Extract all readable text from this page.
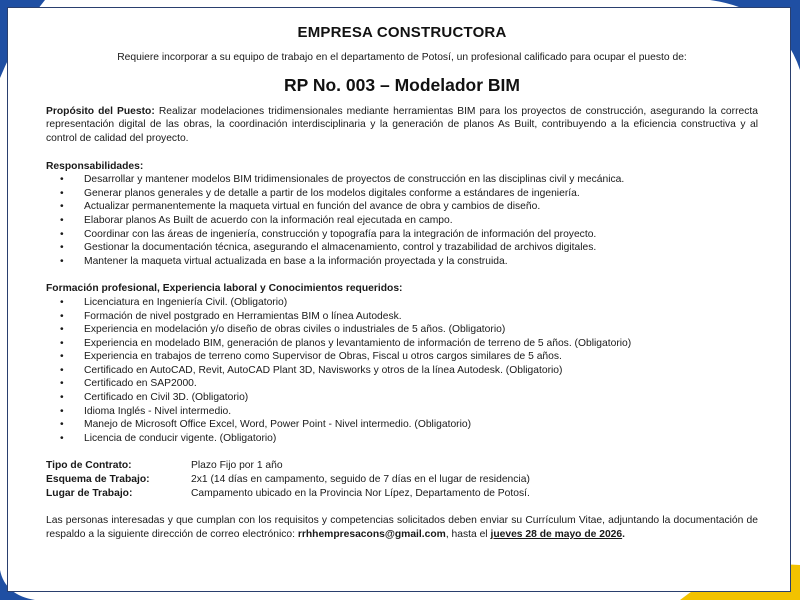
EMPRESA CONSTRUCTORA
Requiere incorporar a su equipo de trabajo en el departamento de Potosí, un profesional calificado para ocupar el puesto de:
RP No. 003 – Modelador BIM
Propósito del Puesto: Realizar modelaciones tridimensionales mediante herramientas BIM para los proyectos de construcción, asegurando la correcta representación digital de las obras, la coordinación interdisciplinaria y la generación de planos As Built, contribuyendo a la eficiencia constructiva y al control de calidad del proyecto.
Responsabilidades:
• Desarrollar y mantener modelos BIM tridimensionales de proyectos de construcción en las disciplinas civil y mecánica.
• Generar planos generales y de detalle a partir de los modelos digitales conforme a estándares de ingeniería.
• Actualizar permanentemente la maqueta virtual en función del avance de obra y cambios de diseño.
• Elaborar planos As Built de acuerdo con la información real ejecutada en campo.
• Coordinar con las áreas de ingeniería, construcción y topografía para la integración de información del proyecto.
• Gestionar la documentación técnica, asegurando el almacenamiento, control y trazabilidad de archivos digitales.
• Mantener la maqueta virtual actualizada en base a la información proyectada y la construida.
Formación profesional, Experiencia laboral y Conocimientos requeridos:
• Licenciatura en Ingeniería Civil. (Obligatorio)
• Formación de nivel postgrado en Herramientas BIM o línea Autodesk.
• Experiencia en modelación y/o diseño de obras civiles o industriales de 5 años. (Obligatorio)
• Experiencia en modelado BIM, generación de planos y levantamiento de información de terreno de 5 años. (Obligatorio)
• Experiencia en trabajos de terreno como Supervisor de Obras, Fiscal u otros cargos similares de 5 años.
• Certificado en AutoCAD, Revit, AutoCAD Plant 3D, Navisworks y otros de la línea Autodesk. (Obligatorio)
• Certificado en SAP2000.
• Certificado en Civil 3D. (Obligatorio)
• Idioma Inglés - Nivel intermedio.
• Manejo de Microsoft Office Excel, Word, Power Point - Nivel intermedio. (Obligatorio)
• Licencia de conducir vigente. (Obligatorio)
Tipo de Contrato:	Plazo Fijo por 1 año
Esquema de Trabajo:	2x1 (14 días en campamento, seguido de 7 días en el lugar de residencia)
Lugar de Trabajo:	Campamento ubicado en la Provincia Nor Lípez, Departamento de Potosí.
Las personas interesadas y que cumplan con los requisitos y competencias solicitados deben enviar su Currículum Vitae, adjuntando la documentación de respaldo a la siguiente dirección de correo electrónico: rrhhempresacons@gmail.com, hasta el jueves 28 de mayo de 2026.
